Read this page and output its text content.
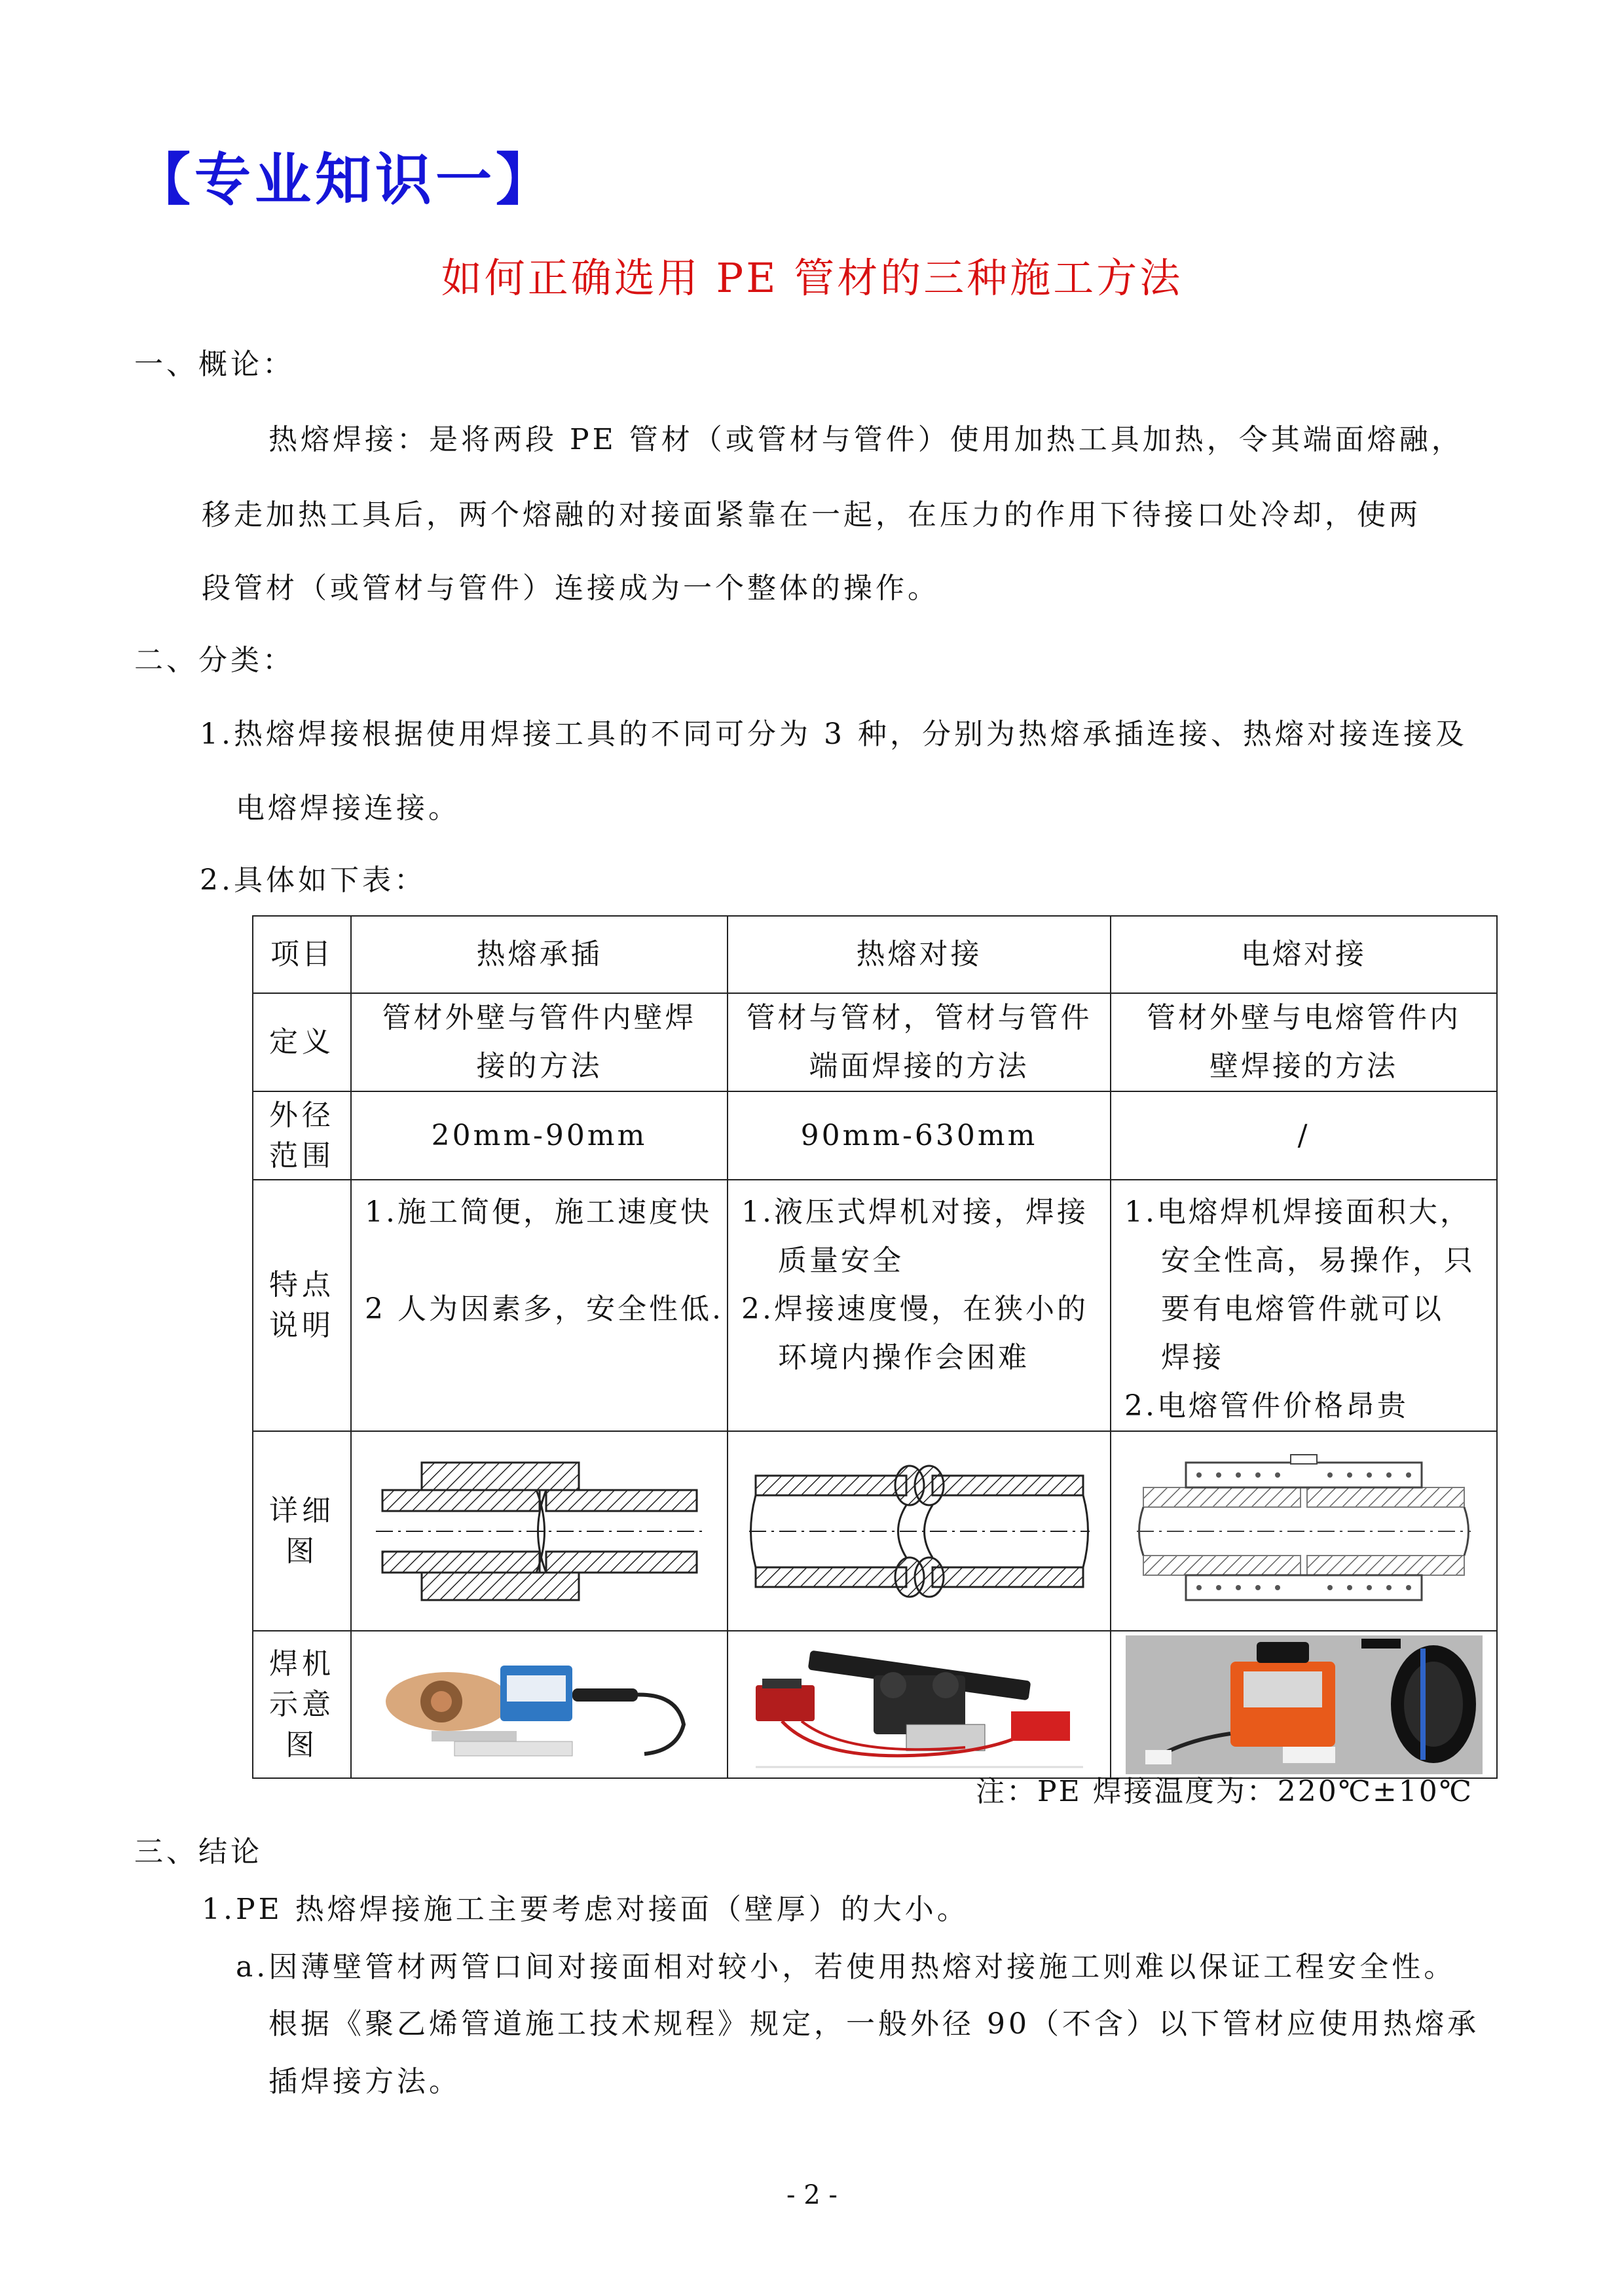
【专业知识一】
如何正确选用 PE 管材的三种施工方法
一、概论：
热熔焊接：是将两段 PE 管材（或管材与管件）使用加热工具加热，令其端面熔融，
移走加热工具后，两个熔融的对接面紧靠在一起，在压力的作用下待接口处冷却，使两
段管材（或管材与管件）连接成为一个整体的操作。
二、分类：
1.热熔焊接根据使用焊接工具的不同可分为 3 种，分别为热熔承插连接、热熔对接连接及
电熔焊接连接。
2.具体如下表：
项目	热熔承插	热熔对接	电熔对接
定义	管材外壁与管件内壁焊
接的方法	管材与管材，管材与管件
端面焊接的方法	管材外壁与电熔管件内
壁焊接的方法

外径
范围	20mm-90mm	90mm-630mm	/

特点
说明	1.施工简便，施工速度快
2 人为因素多，安全性低.	1.液压式焊机对接，焊接
质量安全
2.焊接速度慢，在狭小的
环境内操作会困难	1.电熔焊机焊接面积大，
安全性高，易操作，只
要有电熔管件就可以
焊接
2.电熔管件价格昂贵

详细
图

焊机
示意
图

注：PE 焊接温度为：220℃±10℃
三、结论
1.PE 热熔焊接施工主要考虑对接面（壁厚）的大小。
a.因薄壁管材两管口间对接面相对较小，若使用热熔对接施工则难以保证工程安全性。
根据《聚乙烯管道施工技术规程》规定，一般外径 90（不含）以下管材应使用热熔承
插焊接方法。
- 2 -
